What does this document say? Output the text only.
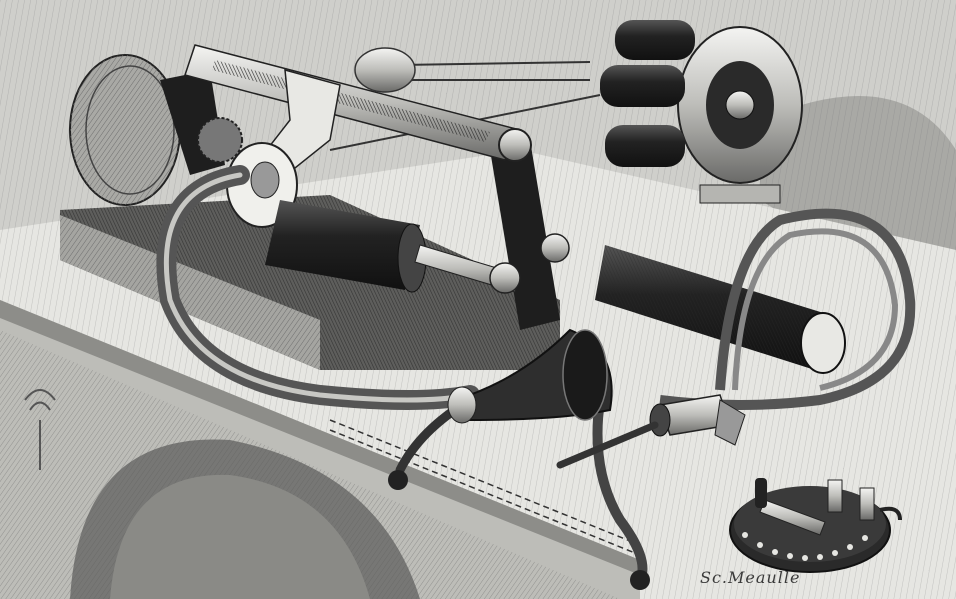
Sc.Meaulle
